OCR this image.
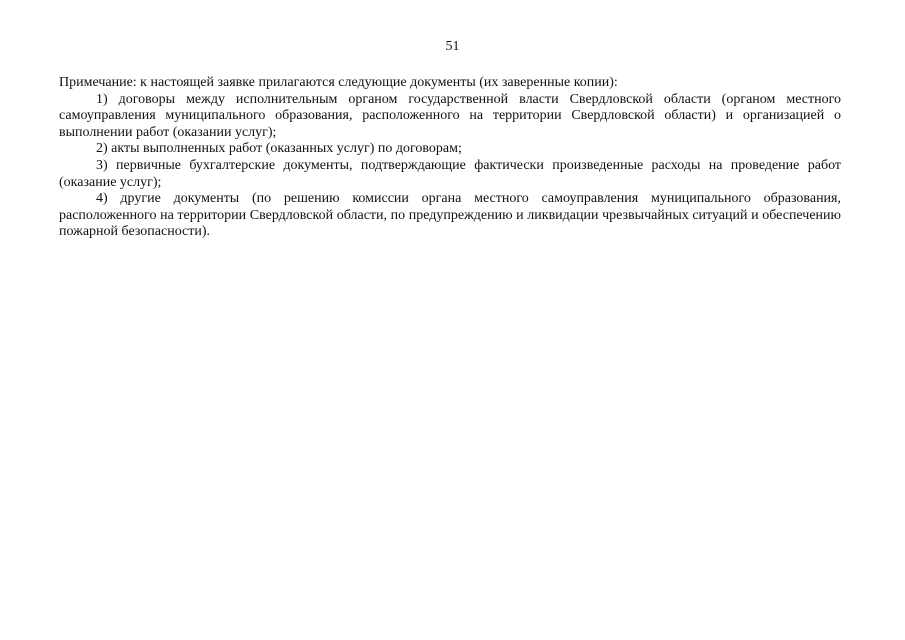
51

Примечание: к настоящей заявке прилагаются следующие документы (их заверенные копии):

1) договоры между исполнительным органом государственной власти Свердловской области (органом местного самоуправления муниципального образования, расположенного на территории Свердловской области) и организацией о выполнении работ (оказании услуг);

2) акты выполненных работ (оказанных услуг) по договорам;

3) первичные бухгалтерские документы, подтверждающие фактически произведенные расходы на проведение работ (оказание услуг);

4) другие документы (по решению комиссии органа местного самоуправления муниципального образования, расположенного на территории Свердловской области, по предупреждению и ликвидации чрезвычайных ситуаций и обеспечению пожарной безопасности).
